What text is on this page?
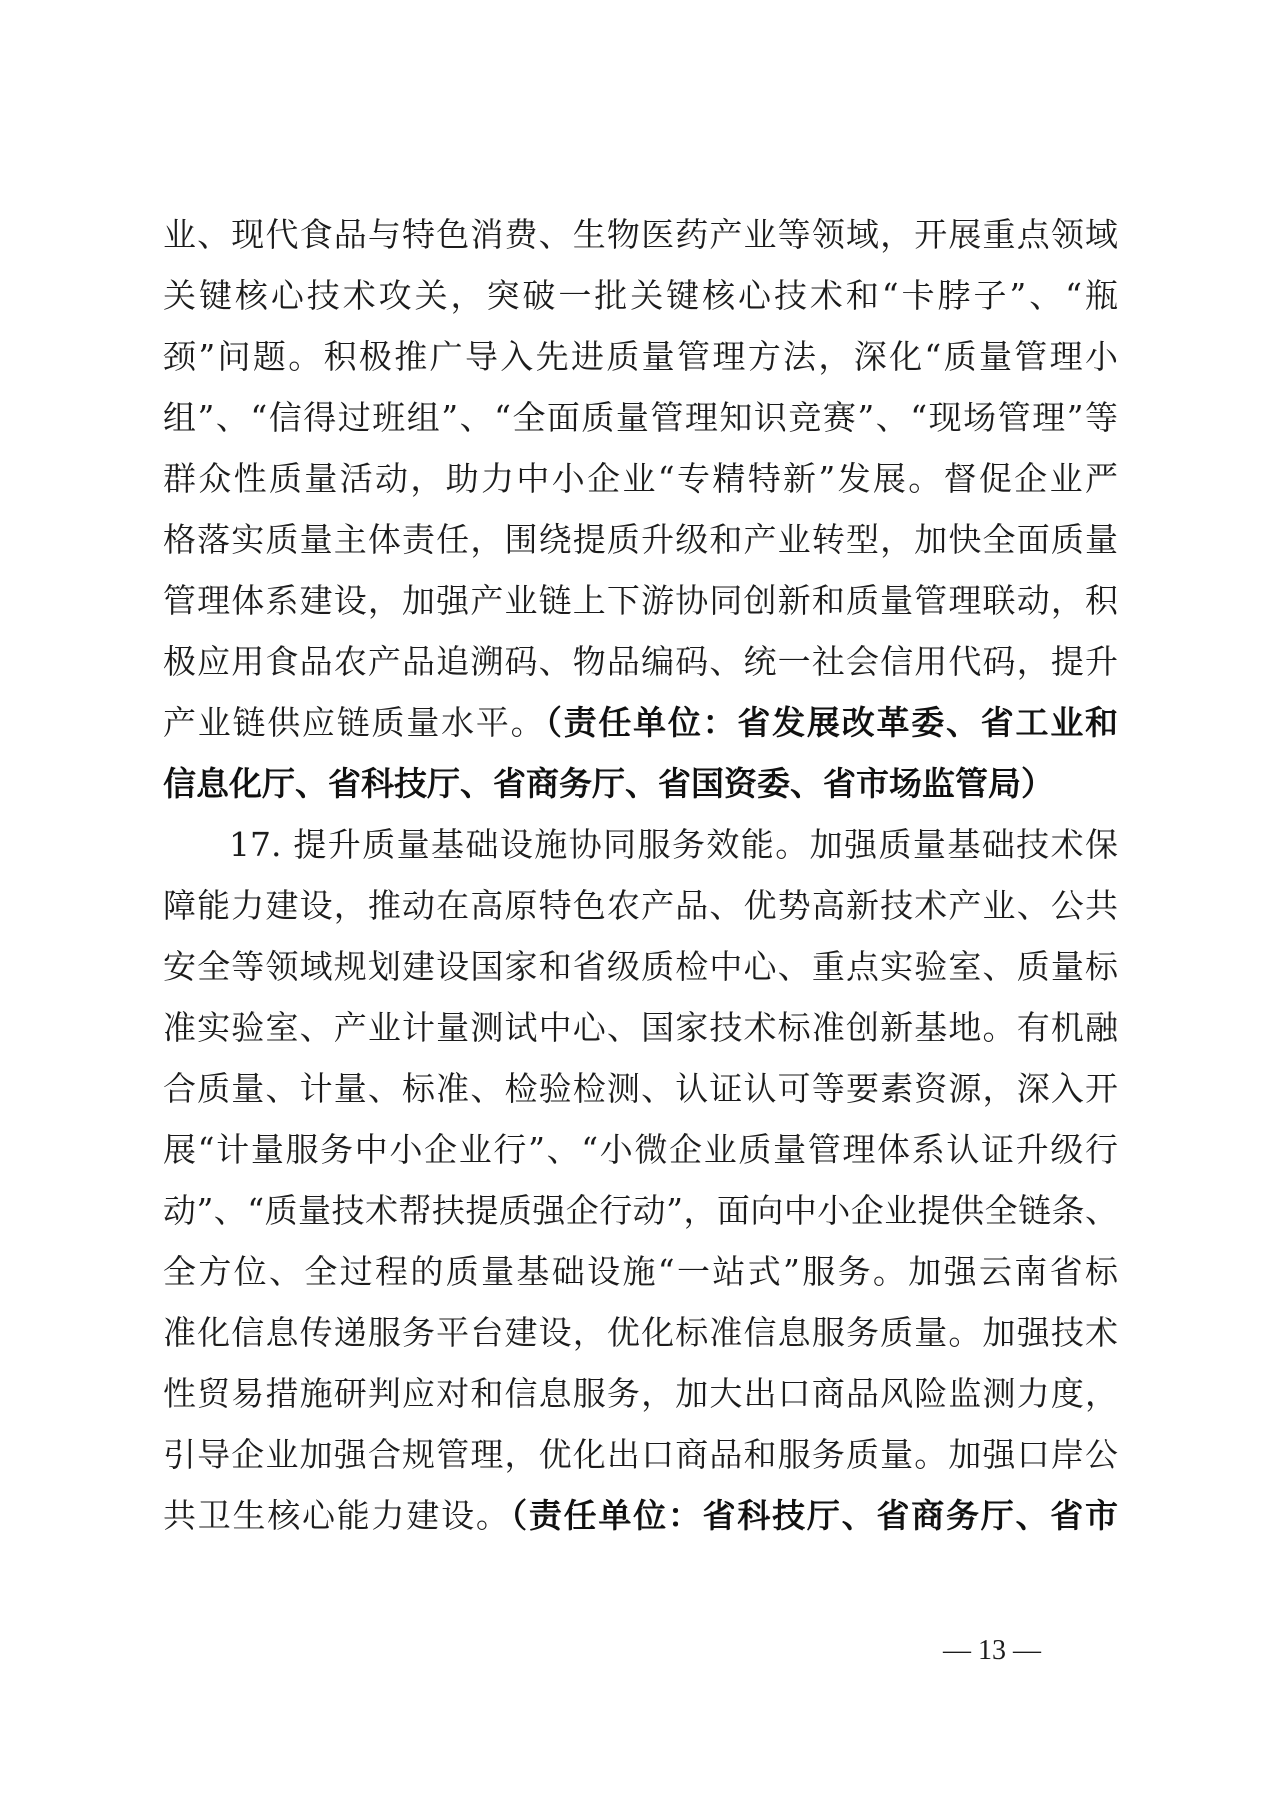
业、现代食品与特色消费、生物医药产业等领域，开展重点领域
关键核心技术攻关，突破一批关键核心技术和“卡脖子”、“瓶
颈”问题。积极推广导入先进质量管理方法，深化“质量管理小
组”、“信得过班组”、“全面质量管理知识竞赛”、“现场管理”等
群众性质量活动，助力中小企业“专精特新”发展。督促企业严
格落实质量主体责任，围绕提质升级和产业转型，加快全面质量
管理体系建设，加强产业链上下游协同创新和质量管理联动，积
极应用食品农产品追溯码、物品编码、统一社会信用代码，提升
产业链供应链质量水平。（责任单位：省发展改革委、省工业和
信息化厅、省科技厅、省商务厅、省国资委、省市场监管局）
17. 提升质量基础设施协同服务效能。加强质量基础技术保
障能力建设，推动在高原特色农产品、优势高新技术产业、公共
安全等领域规划建设国家和省级质检中心、重点实验室、质量标
准实验室、产业计量测试中心、国家技术标准创新基地。有机融
合质量、计量、标准、检验检测、认证认可等要素资源，深入开
展“计量服务中小企业行”、“小微企业质量管理体系认证升级行
动”、“质量技术帮扶提质强企行动”，面向中小企业提供全链条、
全方位、全过程的质量基础设施“一站式”服务。加强云南省标
准化信息传递服务平台建设，优化标准信息服务质量。加强技术
性贸易措施研判应对和信息服务，加大出口商品风险监测力度，
引导企业加强合规管理，优化出口商品和服务质量。加强口岸公
共卫生核心能力建设。（责任单位：省科技厅、省商务厅、省市
— 13 —
